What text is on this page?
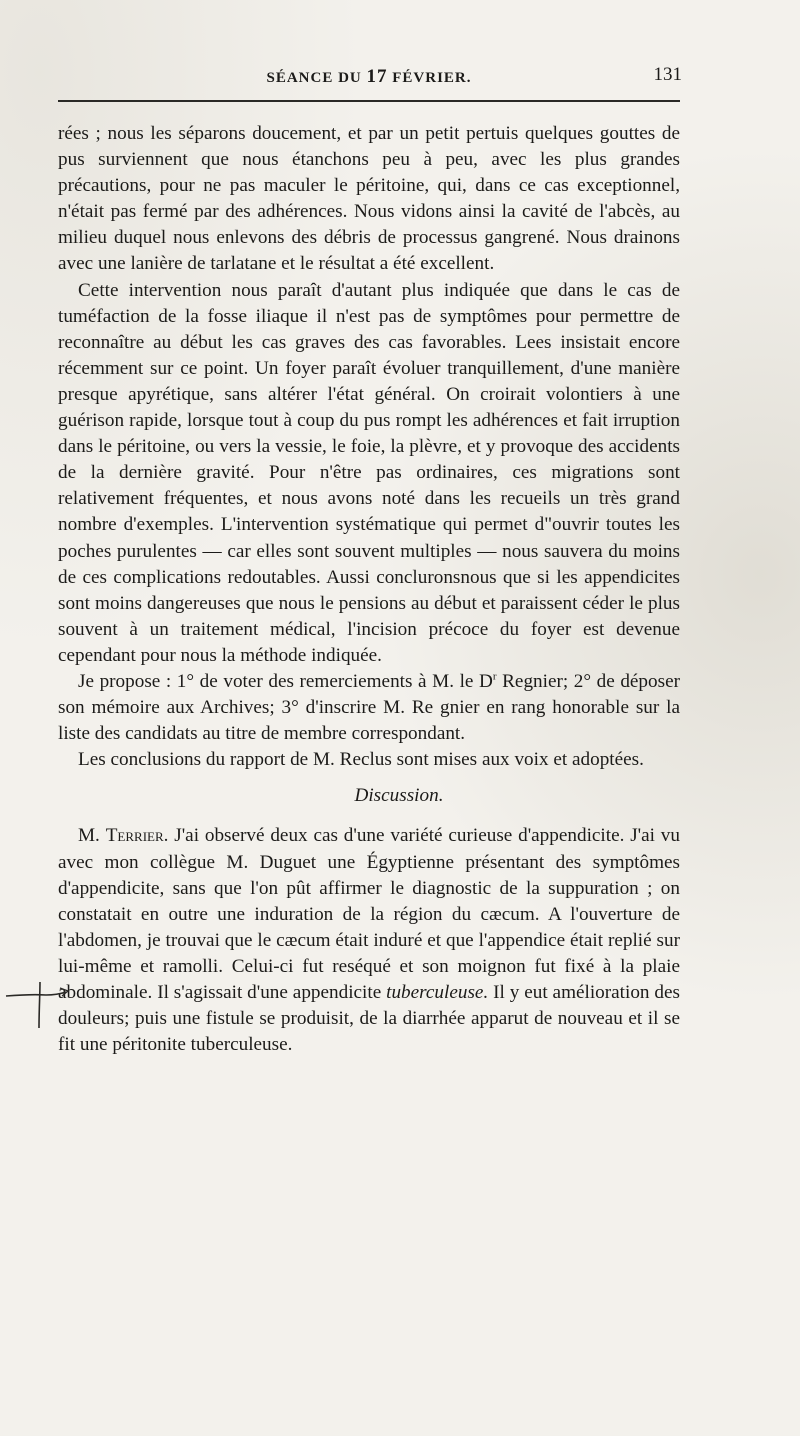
SÉANCE DU 17 FÉVRIER.	131

rées ; nous les séparons doucement, et par un petit pertuis quelques gouttes de pus surviennent que nous étanchons peu à peu, avec les plus grandes précautions, pour ne pas maculer le péritoine, qui, dans ce cas exceptionnel, n'était pas fermé par des adhérences. Nous vidons ainsi la cavité de l'abcès, au milieu duquel nous enlevons des débris de processus gangrené. Nous drainons avec une lanière de tarlatane et le résultat a été excellent.

Cette intervention nous paraît d'autant plus indiquée que dans le cas de tuméfaction de la fosse iliaque il n'est pas de symptômes pour permettre de reconnaître au début les cas graves des cas favorables. Lees insistait encore récemment sur ce point. Un foyer paraît évoluer tranquillement, d'une manière presque apyrétique, sans altérer l'état général. On croirait volontiers à une guérison rapide, lorsque tout à coup du pus rompt les adhérences et fait irruption dans le péritoine, ou vers la vessie, le foie, la plèvre, et y provoque des accidents de la dernière gravité. Pour n'être pas ordinaires, ces migrations sont relativement fréquentes, et nous avons noté dans les recueils un très grand nombre d'exemples. L'intervention systématique qui permet d"ouvrir toutes les poches purulentes — car elles sont souvent multiples — nous sauvera du moins de ces complications redoutables. Aussi concluronsnous que si les appendicites sont moins dangereuses que nous le pensions au début et paraissent céder le plus souvent à un traitement médical, l'incision précoce du foyer est devenue cependant pour nous la méthode indiquée.

Je propose : 1° de voter des remerciements à M. le $D^r$ Regnier; 2° de déposer son mémoire aux Archives; 3° d'inscrire M. Re gnier en rang honorable sur la liste des candidats au titre de membre correspondant.

Les conclusions du rapport de M. Reclus sont mises aux voix et adoptées.

Discussion.

M. Terrier. J'ai observé deux cas d'une variété curieuse d'appendicite. J'ai vu avec mon collègue M. Duguet une Égyptienne présentant des symptômes d'appendicite, sans que l'on pût affirmer le diagnostic de la suppuration ; on constatait en outre une induration de la région du cæcum. A l'ouverture de l'abdomen, je trouvai que le cæcum était induré et que l'appendice était replié sur lui-même et ramolli. Celui-ci fut reséqué et son moignon fut fixé à la plaie abdominale. Il s'agissait d'une appendicite tuberculeuse. Il y eut amélioration des douleurs; puis une fistule se produisit, de la diarrhée apparut de nouveau et il se fit une péritonite tuberculeuse.
